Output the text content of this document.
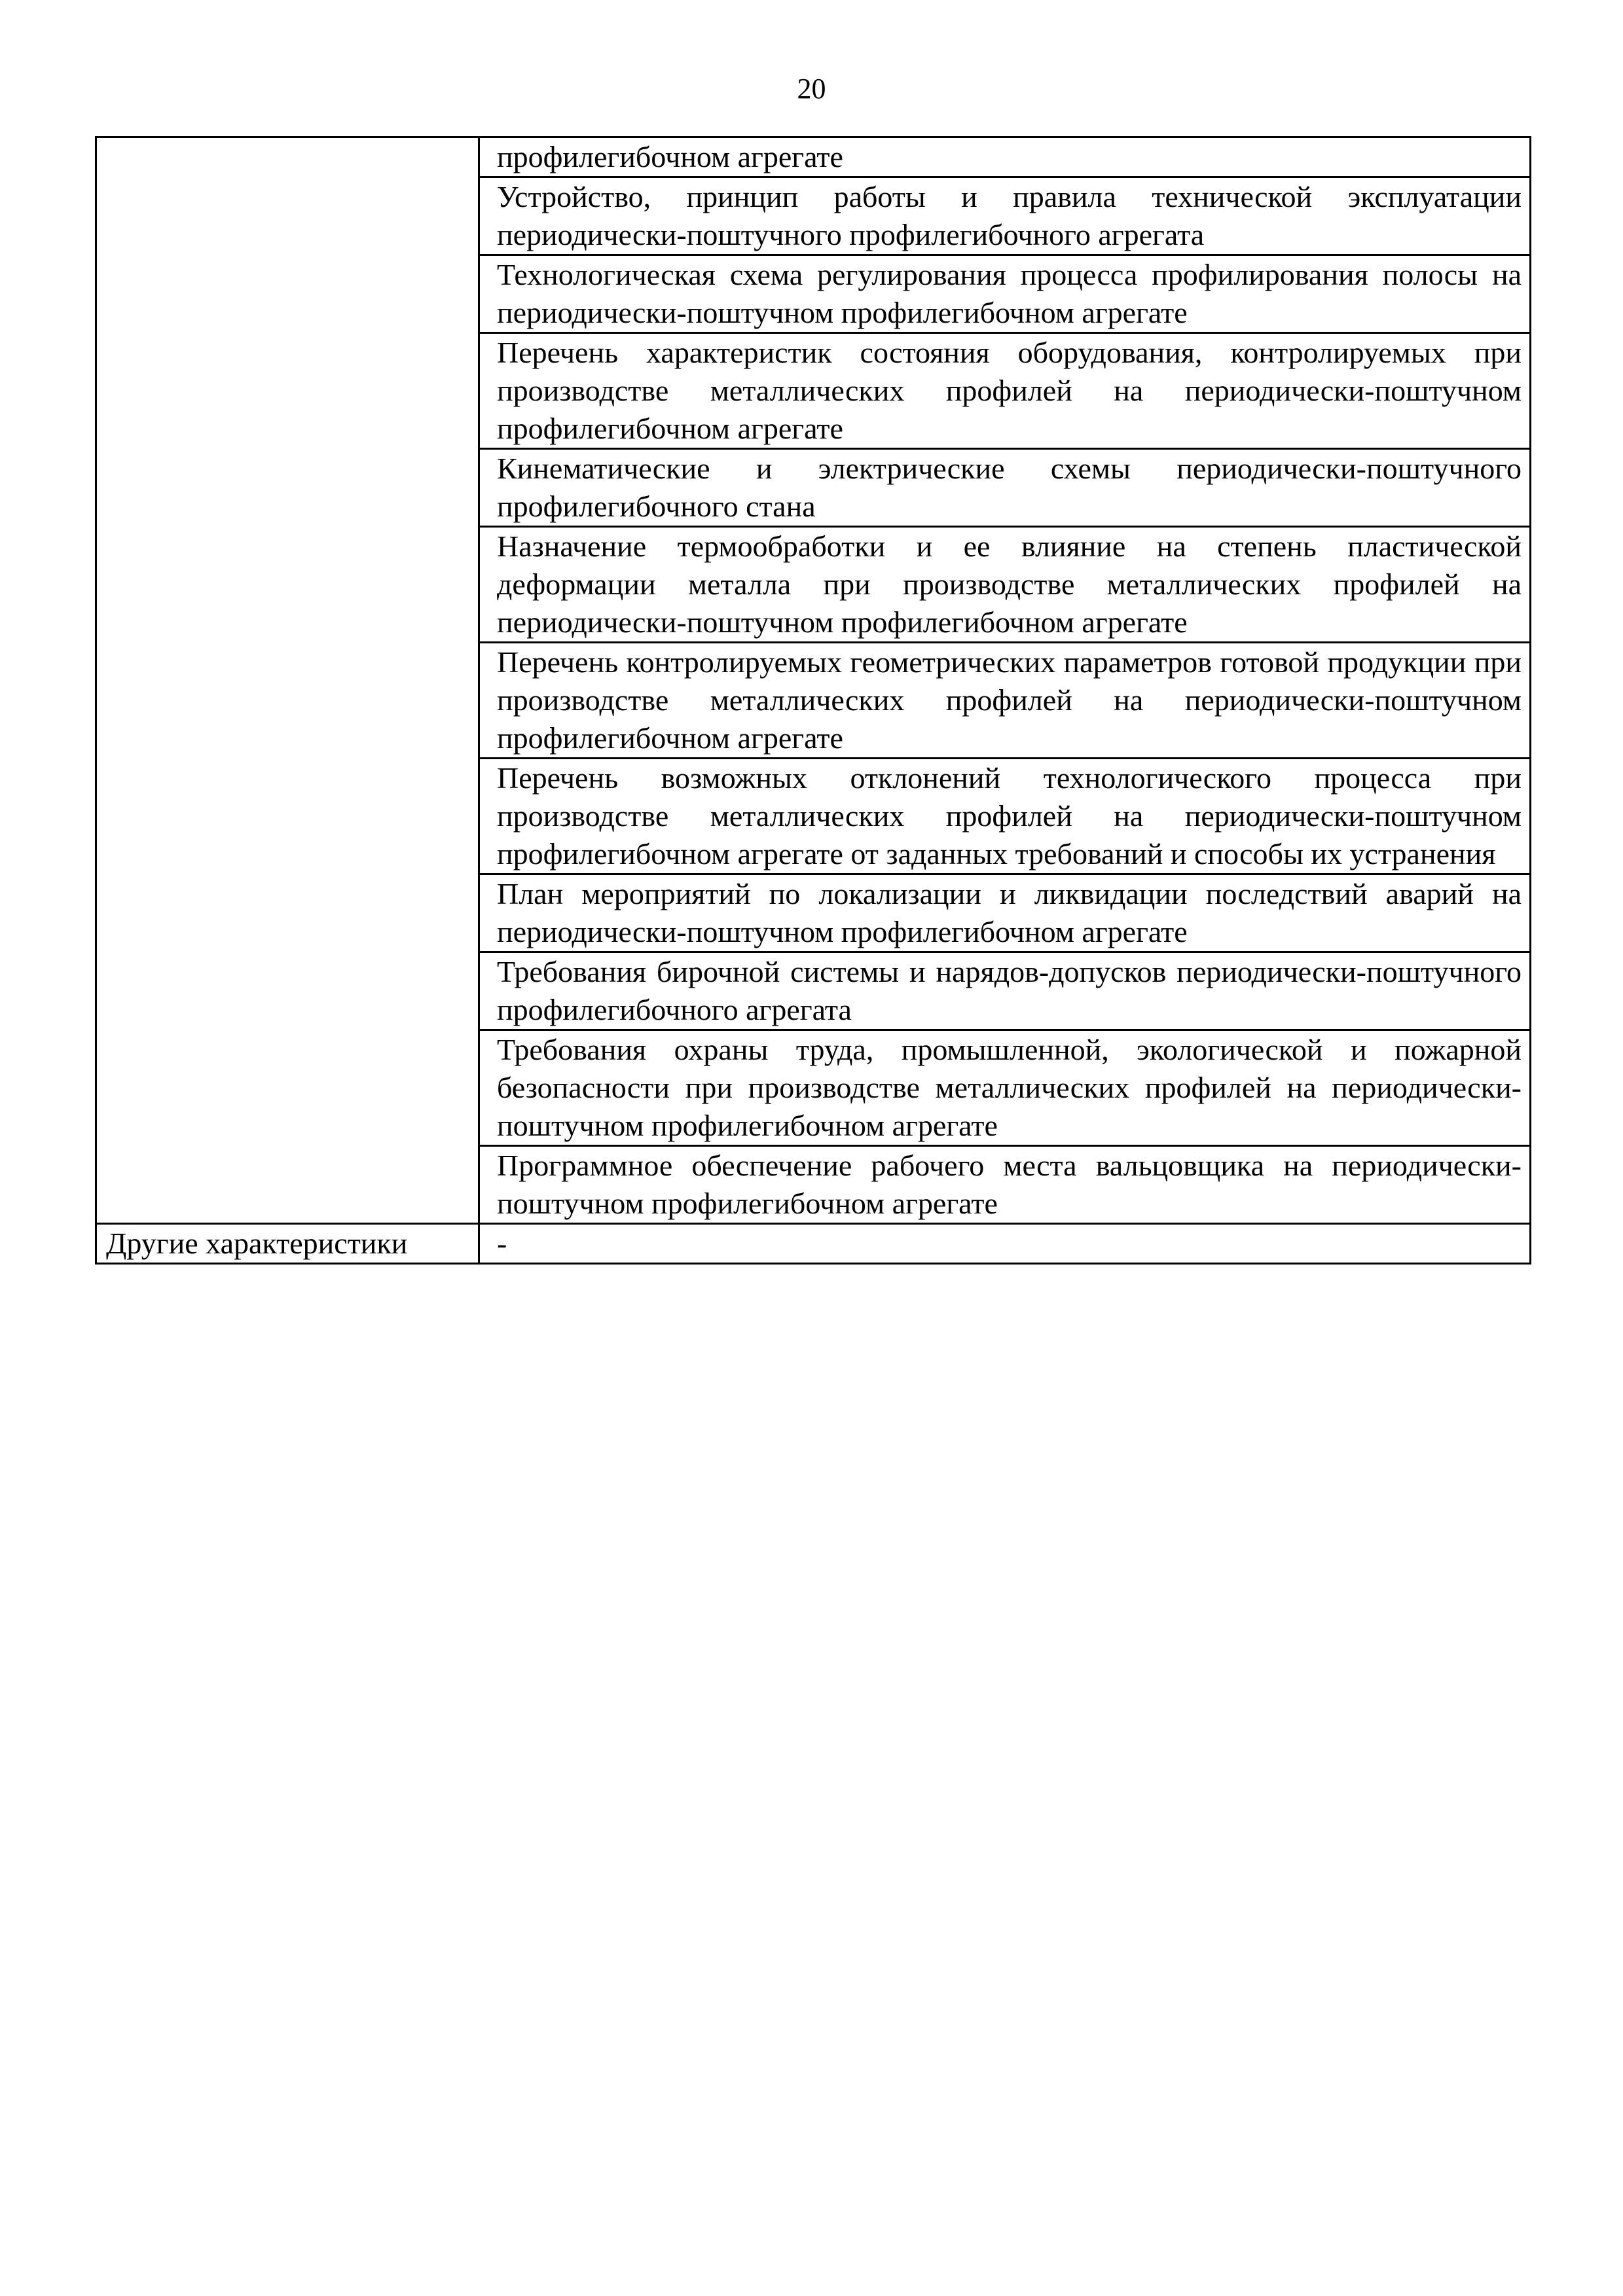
20
	профилегибочном агрегате
	Устройство, принцип работы и правила технической эксплуатации периодически-поштучного профилегибочного агрегата
	Технологическая схема регулирования процесса профилирования полосы на периодически-поштучном профилегибочном агрегате
	Перечень характеристик состояния оборудования, контролируемых при производстве металлических профилей на периодически-поштучном профилегибочном агрегате
	Кинематические и электрические схемы периодически-поштучного профилегибочного стана
	Назначение термообработки и ее влияние на степень пластической деформации металла при производстве металлических профилей на периодически-поштучном профилегибочном агрегате
	Перечень контролируемых геометрических параметров готовой продукции при производстве металлических профилей на периодически-поштучном профилегибочном агрегате
	Перечень возможных отклонений технологического процесса при производстве металлических профилей на периодически-поштучном профилегибочном агрегате от заданных требований и способы их устранения
	План мероприятий по локализации и ликвидации последствий аварий на периодически-поштучном профилегибочном агрегате
	Требования бирочной системы и нарядов-допусков периодически-поштучного профилегибочного агрегата
	Требования охраны труда, промышленной, экологической и пожарной безопасности при производстве металлических профилей на периодически-поштучном профилегибочном агрегате
	Программное обеспечение рабочего места вальцовщика на периодически-поштучном профилегибочном агрегате
Другие характеристики	-
